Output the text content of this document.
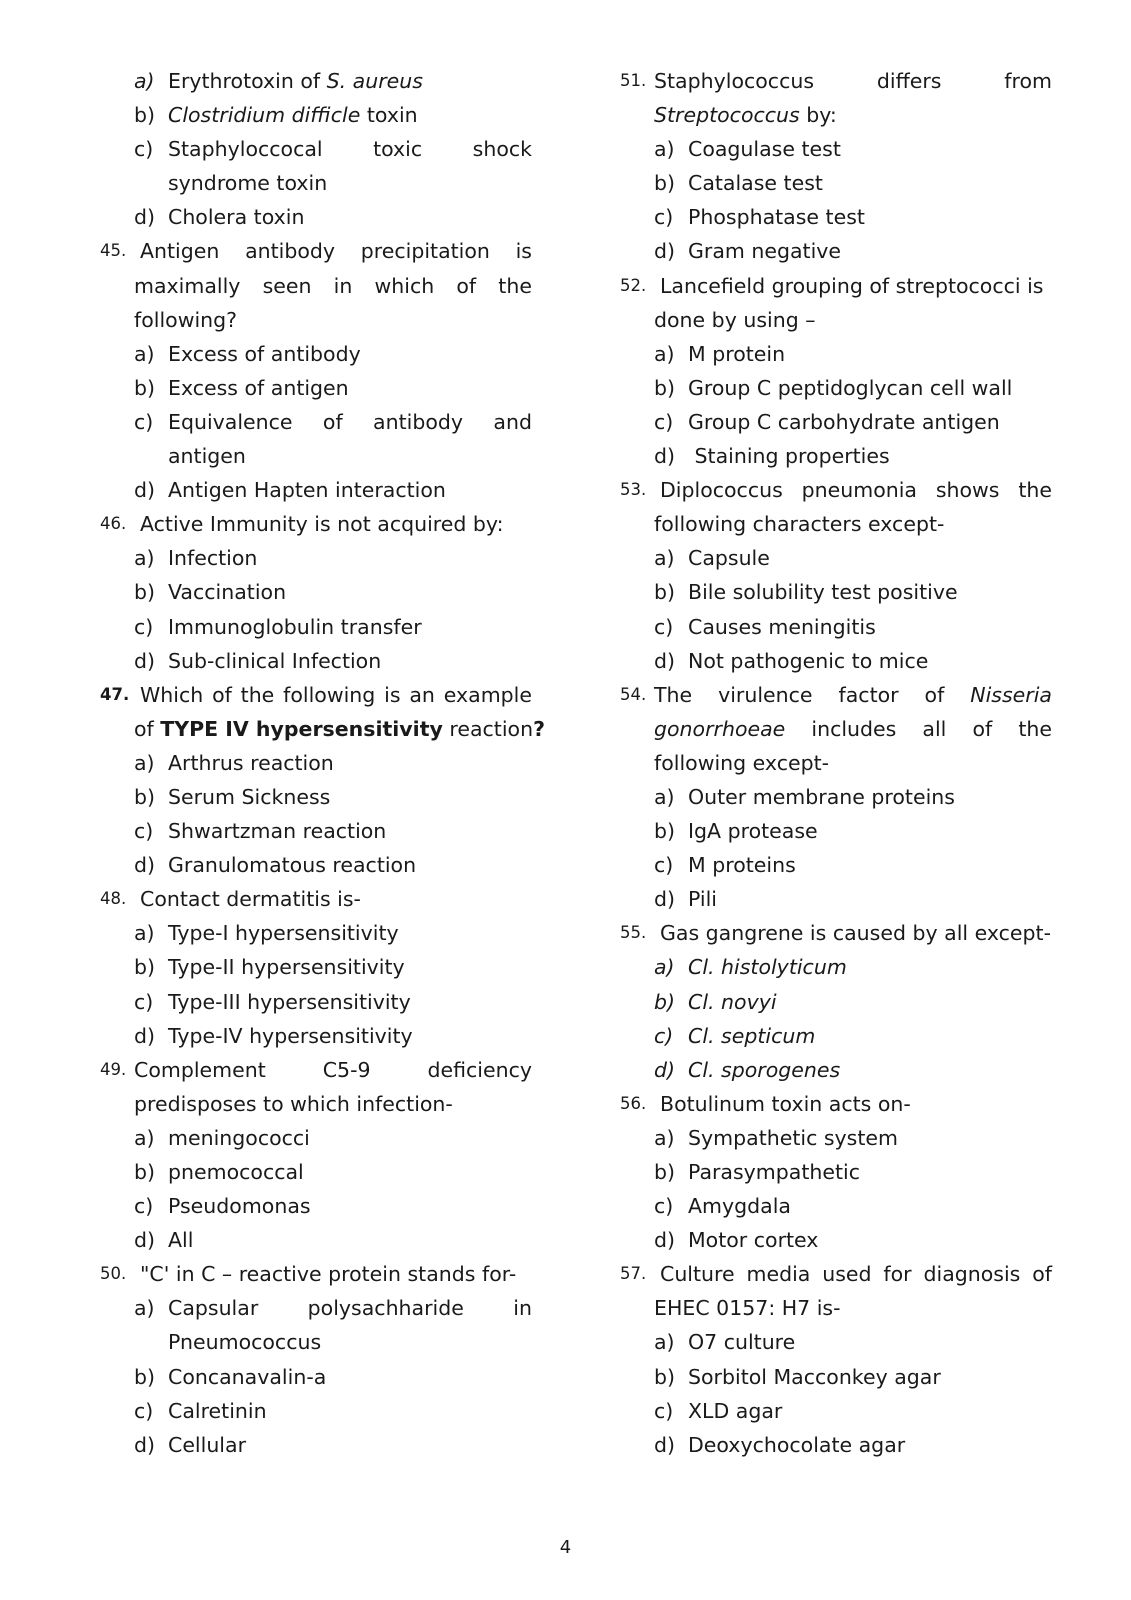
a) Erythrotoxin of S. aureus
b) Clostridium difficle toxin
c) Staphyloccocal toxic shock
syndrome toxin
d) Cholera toxin
45. Antigen antibody precipitation is
maximally seen in which of the
following?
a) Excess of antibody
b) Excess of antigen
c) Equivalence of antibody and
antigen
d) Antigen Hapten interaction
46. Active Immunity is not acquired by:
a) Infection
b) Vaccination
c) Immunoglobulin transfer
d) Sub-clinical Infection
47. Which of the following is an example
of TYPE IV hypersensitivity reaction?
a) Arthrus reaction
b) Serum Sickness
c) Shwartzman reaction
d) Granulomatous reaction
48. Contact dermatitis is-
a) Type-I hypersensitivity
b) Type-II hypersensitivity
c) Type-III hypersensitivity
d) Type-IV hypersensitivity
49. Complement	C5-9	deficiency
predisposes to which infection-
a) meningococci
b) pnemococcal
c) Pseudomonas
d) All
50. "C' in C – reactive protein stands for-
a) Capsular polysachharide in
Pneumococcus
b) Concanavalin-a
c) Calretinin
d) Cellular
51. Staphylococcus	differs	from
Streptococcus by:
a) Coagulase test
b) Catalase test
c) Phosphatase test
d) Gram negative
52. Lancefield grouping of streptococci is
done by using –
a) M protein
b) Group C peptidoglycan cell wall
c) Group C carbohydrate antigen
d) Staining properties
53. Diplococcus pneumonia shows the
following characters except-
a) Capsule
b) Bile solubility test positive
c) Causes meningitis
d) Not pathogenic to mice
54. The virulence factor of Nisseria
gonorrhoeae includes all of the
following except-
a) Outer membrane proteins
b) IgA protease
c) M proteins
d) Pili
55. Gas gangrene is caused by all except-
a) Cl. histolyticum
b) Cl. novyi
c) Cl. septicum
d) Cl. sporogenes
56. Botulinum toxin acts on-
a) Sympathetic system
b) Parasympathetic
c) Amygdala
d) Motor cortex
57. Culture media used for diagnosis of
EHEC 0157: H7 is-
a) O7 culture
b) Sorbitol Macconkey agar
c) XLD agar
d) Deoxychocolate agar
4
